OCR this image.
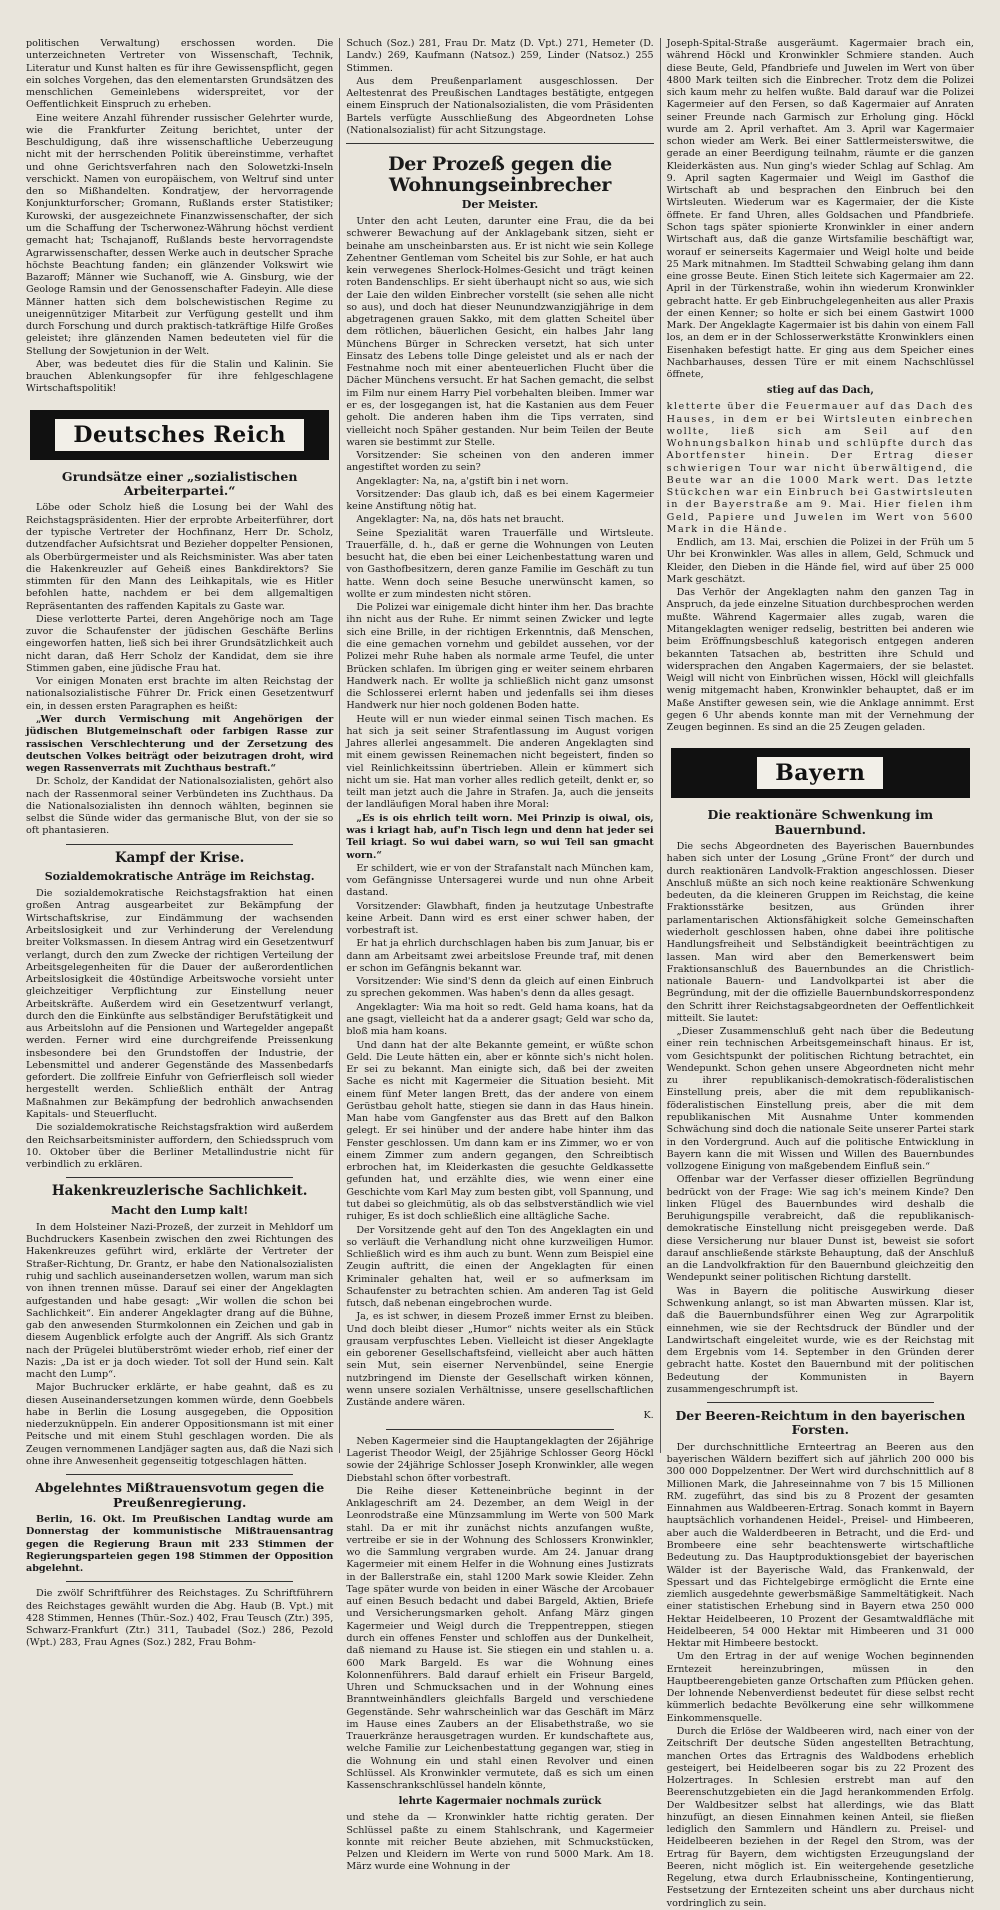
politischen Verwaltung) erschossen worden. Die unterzeichneten Vertreter von Wissenschaft, Technik, Literatur und Kunst halten es für ihre Gewissenspflicht, gegen ein solches Vorgehen, das den elementarsten Grundsätzen des menschlichen Gemeinlebens widerspreitet, vor der Oeffentlichkeit Einspruch zu erheben.

Eine weitere Anzahl führender russischer Gelehrter wurde, wie die Frankfurter Zeitung berichtet, unter der Beschuldigung, daß ihre wissenschaftliche Ueberzeugung nicht mit der herrschenden Politik übereinstimme, verhaftet und ohne Gerichtsverfahren nach den Solowetzki-Inseln verschickt. Namen von europäischem, von Weltruf sind unter den so Mißhandelten. Kondratjew, der hervorragende Konjunkturforscher; Gromann, Rußlands erster Statistiker; Kurowski, der ausgezeichnete Finanzwissenschafter, der sich um die Schaffung der Tscherwonez-Währung höchst verdient gemacht hat; Tschajanoff, Rußlands beste hervorragendste Agrarwissenschafter, dessen Werke auch in deutscher Sprache höchste Beachtung fanden; ein glänzender Volkswirt wie Bazaroff; Männer wie Suchanoff, wie A. Ginsburg, wie der Geologe Ramsin und der Genossenschafter Fadeyin. Alle diese Männer hatten sich dem bolschewistischen Regime zu uneigennütziger Mitarbeit zur Verfügung gestellt und ihm durch Forschung und durch praktisch-tatkräftige Hilfe Großes geleistet; ihre glänzenden Namen bedeuteten viel für die Stellung der Sowjetunion in der Welt.

Aber, was bedeutet dies für die Stalin und Kalinin. Sie brauchen Ablenkungsopfer für ihre fehlgeschlagene Wirtschaftspolitik!

Deutsches Reich
Grundsätze einer „sozialistischen Arbeiterpartei.“

Löbe oder Scholz hieß die Losung bei der Wahl des Reichstagspräsidenten. Hier der erprobte Arbeiterführer, dort der typische Vertreter der Hochfinanz, Herr Dr. Scholz, dutzendfacher Aufsichtsrat und Bezieher doppelter Pensionen, als Oberbürgermeister und als Reichsminister. Was aber taten die Hakenkreuzler auf Geheiß eines Bankdirektors? Sie stimmten für den Mann des Leihkapitals, wie es Hitler befohlen hatte, nachdem er bei dem allgemaltigen Repräsentanten des raffenden Kapitals zu Gaste war.

Diese verlotterte Partei, deren Angehörige noch am Tage zuvor die Schaufenster der jüdischen Geschäfte Berlins eingeworfen hatten, ließ sich bei ihrer Grundsätzlichkeit auch nicht daran, daß Herr Scholz der Kandidat, dem sie ihre Stimmen gaben, eine jüdische Frau hat.

Vor einigen Monaten erst brachte im alten Reichstag der nationalsozialistische Führer Dr. Frick einen Gesetzentwurf ein, in dessen ersten Paragraphen es heißt:

„Wer durch Vermischung mit Angehörigen der jüdischen Blutgemeinschaft oder farbigen Rasse zur rassischen Verschlechterung und der Zersetzung des deutschen Volkes beiträgt oder beizutragen droht, wird wegen Rassenverrats mit Zuchthaus bestraft.“

Dr. Scholz, der Kandidat der Nationalsozialisten, gehört also nach der Rassenmoral seiner Verbündeten ins Zuchthaus. Da die Nationalsozialisten ihn dennoch wählten, beginnen sie selbst die Sünde wider das germanische Blut, von der sie so oft phantasieren.

Kampf der Krise.
Sozialdemokratische Anträge im Reichstag.

Die sozialdemokratische Reichstagsfraktion hat einen großen Antrag ausgearbeitet zur Bekämpfung der Wirtschaftskrise, zur Eindämmung der wachsenden Arbeitslosigkeit und zur Verhinderung der Verelendung breiter Volksmassen. In diesem Antrag wird ein Gesetzentwurf verlangt, durch den zum Zwecke der richtigen Verteilung der Arbeitsgelegenheiten für die Dauer der außerordentlichen Arbeitslosigkeit die 40stündige Arbeitswoche vorsieht unter gleichzeitiger Verpflichtung zur Einstellung neuer Arbeitskräfte. Außerdem wird ein Gesetzentwurf verlangt, durch den die Einkünfte aus selbständiger Berufstätigkeit und aus Arbeitslohn auf die Pensionen und Wartegelder angepaßt werden. Ferner wird eine durchgreifende Preissenkung insbesondere bei den Grundstoffen der Industrie, der Lebensmittel und anderer Gegenstände des Massenbedarfs gefordert. Die zollfreie Einfuhr von Gefrierfleisch soll wieder hergestellt werden. Schließlich enthält der Antrag Maßnahmen zur Bekämpfung der bedrohlich anwachsenden Kapitals- und Steuerflucht.

Die sozialdemokratische Reichstagsfraktion wird außerdem den Reichsarbeitsminister auffordern, den Schiedsspruch vom 10. Oktober über die Berliner Metallindustrie nicht für verbindlich zu erklären.

Hakenkreuzlerische Sachlichkeit.
Macht den Lump kalt!

In dem Holsteiner Nazi-Prozeß, der zurzeit in Mehldorf um Buchdruckers Kasenbein zwischen den zwei Richtungen des Hakenkreuzes geführt wird, erklärte der Vertreter der Straßer-Richtung, Dr. Grantz, er habe den Nationalsozialisten ruhig und sachlich auseinandersetzen wollen, warum man sich von ihnen trennen müsse. Darauf sei einer der Angeklagten aufgestanden und habe gesagt: „Wir wollen die schon bei Sachlichkeit“. Ein anderer Angeklagter drang auf die Bühne, gab den anwesenden Sturmkolonnen ein Zeichen und gab in diesem Augenblick erfolgte auch der Angriff. Als sich Grantz nach der Prügelei blutüberströmt wieder erhob, rief einer der Nazis: „Da ist er ja doch wieder. Tot soll der Hund sein. Kalt macht den Lump“.

Major Buchrucker erklärte, er habe geahnt, daß es zu diesen Auseinandersetzungen kommen würde, denn Goebbels habe in Berlin die Losung ausgegeben, die Opposition niederzuknüppeln. Ein anderer Oppositionsmann ist mit einer Peitsche und mit einem Stuhl geschlagen worden. Die als Zeugen vernommenen Landjäger sagten aus, daß die Nazi sich ohne ihre Anwesenheit gegenseitig totgeschlagen hätten.

Abgelehntes Mißtrauensvotum gegen die Preußenregierung.

Berlin, 16. Okt. Im Preußischen Landtag wurde am Donnerstag der kommunistische Mißtrauensantrag gegen die Regierung Braun mit 233 Stimmen der Regierungsparteien gegen 198 Stimmen der Opposition abgelehnt.

Die zwölf Schriftführer des Reichstages. Zu Schriftführern des Reichstages gewählt wurden die Abg. Haub (B. Vpt.) mit 428 Stimmen, Hennes (Thür.-Soz.) 402, Frau Teusch (Ztr.) 395, Schwarz-Frankfurt (Ztr.) 311, Taubadel (Soz.) 286, Pezold (Wpt.) 283, Frau Agnes (Soz.) 282, Frau Bohm-

Schuch (Soz.) 281, Frau Dr. Matz (D. Vpt.) 271, Hemeter (D. Landv.) 269, Kaufmann (Natsoz.) 259, Linder (Natsoz.) 255 Stimmen.

Aus dem Preußenparlament ausgeschlossen. Der Aeltestenrat des Preußischen Landtages bestätigte, entgegen einem Einspruch der Nationalsozialisten, die vom Präsidenten Bartels verfügte Ausschließung des Abgeordneten Lohse (Nationalsozialist) für acht Sitzungstage.

Der Prozeß gegen die Wohnungseinbrecher
Der Meister.

Unter den acht Leuten, darunter eine Frau, die da bei schwerer Bewachung auf der Anklagebank sitzen, sieht er beinahe am unscheinbarsten aus. Er ist nicht wie sein Kollege Zehentner Gentleman vom Scheitel bis zur Sohle, er hat auch kein verwegenes Sherlock-Holmes-Gesicht und trägt keinen roten Bandenschlips. Er sieht überhaupt nicht so aus, wie sich der Laie den wilden Einbrecher vorstellt (sie sehen alle nicht so aus), und doch hat dieser Neunundzwanzigjährige in dem abgetragenen grauen Sakko, mit dem glatten Scheitel über dem rötlichen, bäuerlichen Gesicht, ein halbes Jahr lang Münchens Bürger in Schrecken versetzt, hat sich unter Einsatz des Lebens tolle Dinge geleistet und als er nach der Festnahme noch mit einer abenteuerlichen Flucht über die Dächer Münchens versucht. Er hat Sachen gemacht, die selbst im Film nur einem Harry Piel vorbehalten bleiben. Immer war er es, der losgegangen ist, hat die Kastanien aus dem Feuer geholt. Die anderen haben ihm die Tips verraten, sind vielleicht noch Späher gestanden. Nur beim Teilen der Beute waren sie bestimmt zur Stelle.

Vorsitzender: Sie scheinen von den anderen immer angestiftet worden zu sein?

Angeklagter: Na, na, a'gstift bin i net worn.

Vorsitzender: Das glaub ich, daß es bei einem Kagermeier keine Anstiftung nötig hat.

Angeklagter: Na, na, dös hats net braucht.

Seine Spezialität waren Trauerfälle und Wirtsleute. Trauerfälle, d. h., daß er gerne die Wohnungen von Leuten besucht hat, die eben bei einer Leichenbestattung waren und von Gasthofbesitzern, deren ganze Familie im Geschäft zu tun hatte. Wenn doch seine Besuche unerwünscht kamen, so wollte er zum mindesten nicht stören.

Die Polizei war einigemale dicht hinter ihm her. Das brachte ihn nicht aus der Ruhe. Er nimmt seinen Zwicker und legte sich eine Brille, in der richtigen Erkenntnis, daß Menschen, die eine gemachen vornehm und gebildet aussehen, vor der Polizei mehr Ruhe haben als normale arme Teufel, die unter Brücken schlafen. Im übrigen ging er weiter seinem ehrbaren Handwerk nach. Er wollte ja schließlich nicht ganz umsonst die Schlosserei erlernt haben und jedenfalls sei ihm dieses Handwerk nur hier noch goldenen Boden hatte.

Heute will er nun wieder einmal seinen Tisch machen. Es hat sich ja seit seiner Strafentlassung im August vorigen Jahres allerlei angesammelt. Die anderen Angeklagten sind mit einem gewissen Reinemachen nicht begeistert, finden so viel Reinlichkeitssinn übertrieben. Allein er kümmert sich nicht um sie. Hat man vorher alles redlich geteilt, denkt er, so teilt man jetzt auch die Jahre in Strafen. Ja, auch die jenseits der landläufigen Moral haben ihre Moral:

„Es is ois ehrlich teilt worn. Mei Prinzip is oiwal, ois, was i kriagt hab, auf'n Tisch legn und denn hat jeder sei Teil kriagt. So wui dabei warn, so wui Teil san gmacht worn.“

Er schildert, wie er von der Strafanstalt nach München kam, vom Gefängnisse Untersagerei wurde und nun ohne Arbeit dastand.

Vorsitzender: Glawbhaft, finden ja heutzutage Unbestrafte keine Arbeit. Dann wird es erst einer schwer haben, der vorbestraft ist.

Er hat ja ehrlich durchschlagen haben bis zum Januar, bis er dann am Arbeitsamt zwei arbeitslose Freunde traf, mit denen er schon im Gefängnis bekannt war.

Vorsitzender: Wie sind'S denn da gleich auf einen Einbruch zu sprechen gekommen. Was haben's denn da alles gesagt.

Angeklagter: Wia ma hoit so redt. Geld hama koans, hat da ane gsagt, vielleicht hat da a anderer gsagt; Geld war scho da, bloß mia ham koans.

Und dann hat der alte Bekannte gemeint, er wüßte schon Geld. Die Leute hätten ein, aber er könnte sich's nicht holen. Er sei zu bekannt. Man einigte sich, daß bei der zweiten Sache es nicht mit Kagermeier die Situation besieht. Mit einem fünf Meter langen Brett, das der andere von einem Gerüstbau geholt hatte, stiegen sie dann in das Haus hinein. Man habe vom Gangfenster aus das Brett auf den Balkon gelegt. Er sei hinüber und der andere habe hinter ihm das Fenster geschlossen. Um dann kam er ins Zimmer, wo er von einem Zimmer zum andern gegangen, den Schreibtisch erbrochen hat, im Kleiderkasten die gesuchte Geldkassette gefunden hat, und erzählte dies, wie wenn einer eine Geschichte vom Karl May zum besten gibt, voll Spannung, und tut dabei so gleichmütig, als ob das selbstverständlich wie viel ruhiger, Es ist doch schließlich eine alltägliche Sache.

Der Vorsitzende geht auf den Ton des Angeklagten ein und so verläuft die Verhandlung nicht ohne kurzweiligen Humor. Schließlich wird es ihm auch zu bunt. Wenn zum Beispiel eine Zeugin auftritt, die einen der Angeklagten für einen Kriminaler gehalten hat, weil er so aufmerksam im Schaufenster zu betrachten schien. Am anderen Tag ist Geld futsch, daß nebenan eingebrochen wurde.

Ja, es ist schwer, in diesem Prozeß immer Ernst zu bleiben. Und doch bleibt dieser „Humor“ nichts weiter als ein Stück grausam verpfuschtes Leben. Vielleicht ist dieser Angeklagte ein geborener Gesellschaftsfeind, vielleicht aber auch hätten sein Mut, sein eiserner Nervenbündel, seine Energie nutzbringend im Dienste der Gesellschaft wirken können, wenn unsere sozialen Verhältnisse, unsere gesellschaftlichen Zustände andere wären.

K.

Neben Kagermeier sind die Hauptangeklagten der 26jährige Lagerist Theodor Weigl, der 25jährige Schlosser Georg Höckl sowie der 24jährige Schlosser Joseph Kronwinkler, alle wegen Diebstahl schon öfter vorbestraft.

Die Reihe dieser Ketteneinbrüche beginnt in der Anklageschrift am 24. Dezember, an dem Weigl in der Leonrodstraße eine Münzsammlung im Werte von 500 Mark stahl. Da er mit ihr zunächst nichts anzufangen wußte, vertreibe er sie in der Wohnung des Schlossers Kronwinkler, wo die Sammlung vergraben wurde. Am 24. Januar drang Kagermeier mit einem Helfer in die Wohnung eines Justizrats in der Ballerstraße ein, stahl 1200 Mark sowie Kleider. Zehn Tage später wurde von beiden in einer Wäsche der Arcobauer auf einen Besuch bedacht und dabei Bargeld, Aktien, Briefe und Versicherungsmarken geholt. Anfang März gingen Kagermeier und Weigl durch die Treppentreppen, stiegen durch ein offenes Fenster und schloffen aus der Dunkelheit, daß niemand zu Hause ist. Sie stiegen ein und stahlen u. a. 600 Mark Bargeld. Es war die Wohnung eines Kolonnenführers. Bald darauf erhielt ein Friseur Bargeld, Uhren und Schmucksachen und in der Wohnung eines Branntweinhändlers gleichfalls Bargeld und verschiedene Gegenstände. Sehr wahrscheinlich war das Geschäft im März im Hause eines Zaubers an der Elisabethstraße, wo sie Trauerkränze herausgetragen wurden. Er kundschaftete aus, welche Familie zur Leichenbestattung gegangen war, stieg in die Wohnung ein und stahl einen Revolver und einen Schlüssel. Als Kronwinkler vermutete, daß es sich um einen Kassenschrankschlüssel handeln könnte,

lehrte Kagermaier nochmals zurück

und stehe da — Kronwinkler hatte richtig geraten. Der Schlüssel paßte zu einem Stahlschrank, und Kagermeier konnte mit reicher Beute abziehen, mit Schmuckstücken, Pelzen und Kleidern im Werte von rund 5000 Mark. Am 18. März wurde eine Wohnung in der

Joseph-Spital-Straße ausgeräumt. Kagermaier brach ein, während Höckl und Kronwinkler Schmiere standen. Auch diese Beute, Geld, Pfandbriefe und Juwelen im Wert von über 4800 Mark teilten sich die Einbrecher. Trotz dem die Polizei sich kaum mehr zu helfen wußte. Bald darauf war die Polizei Kagermeier auf den Fersen, so daß Kagermaier auf Anraten seiner Freunde nach Garmisch zur Erholung ging. Höckl wurde am 2. April verhaftet. Am 3. April war Kagermaier schon wieder am Werk. Bei einer Sattlermeisterswitwe, die gerade an einer Beerdigung teilnahm, räumte er die ganzen Kleiderkästen aus. Nun ging's wieder Schlag auf Schlag. Am 9. April sagten Kagermaier und Weigl im Gasthof die Wirtschaft ab und besprachen den Einbruch bei den Wirtsleuten. Wiederum war es Kagermaier, der die Kiste öffnete. Er fand Uhren, alles Goldsachen und Pfandbriefe. Schon tags später spionierte Kronwinkler in einer andern Wirtschaft aus, daß die ganze Wirtsfamilie beschäftigt war, worauf er seinerseits Kagermaier und Weigl holte und beide 25 Mark mitnahmen. Im Stadtteil Schwabing gelang ihm dann eine grosse Beute. Einen Stich leitete sich Kagermaier am 22. April in der Türkenstraße, wohin ihn wiederum Kronwinkler gebracht hatte. Er geb Einbruchgelegenheiten aus aller Praxis der einen Kenner; so holte er sich bei einem Gastwirt 1000 Mark. Der Angeklagte Kagermaier ist bis dahin von einem Fall los, an dem er in der Schlosserwerkstätte Kronwinklers einen Eisenhaken befestigt hatte. Er ging aus dem Speicher eines Nachbarhauses, dessen Türe er mit einem Nachschlüssel öffnete,

stieg auf das Dach,

kletterte über die Feuermauer auf das Dach des Hauses, in dem er bei Wirtsleuten einbrechen wollte, ließ sich am Seil auf den Wohnungsbalkon hinab und schlüpfte durch das Abortfenster hinein. Der Ertrag dieser schwierigen Tour war nicht überwältigend, die Beute war an die 1000 Mark wert. Das letzte Stückchen war ein Einbruch bei Gastwirtsleuten in der Bayerstraße am 9. Mai. Hier fielen ihm Geld, Papiere und Juwelen im Wert von 5600 Mark in die Hände.

Endlich, am 13. Mai, erschien die Polizei in der Früh um 5 Uhr bei Kronwinkler. Was alles in allem, Geld, Schmuck und Kleider, den Dieben in die Hände fiel, wird auf über 25 000 Mark geschätzt.

Das Verhör der Angeklagten nahm den ganzen Tag in Anspruch, da jede einzelne Situation durchbesprochen werden mußte. Während Kagermaier alles zugab, waren die Mitangeklagten weniger redselig, bestritten bei anderen wie beim Eröffnungsbeschluß kategorisch entgegen anderen bekannten Tatsachen ab, bestritten ihre Schuld und widersprachen den Angaben Kagermaiers, der sie belastet. Weigl will nicht von Einbrüchen wissen, Höckl will gleichfalls wenig mitgemacht haben, Kronwinkler behauptet, daß er im Maße Anstifter gewesen sein, wie die Anklage annimmt. Erst gegen 6 Uhr abends konnte man mit der Vernehmung der Zeugen beginnen. Es sind an die 25 Zeugen geladen.

Bayern
Die reaktionäre Schwenkung im Bauernbund.

Die sechs Abgeordneten des Bayerischen Bauernbundes haben sich unter der Losung „Grüne Front“ der durch und durch reaktionären Landvolk-Fraktion angeschlossen. Dieser Anschluß müßte an sich noch keine reaktionäre Schwenkung bedeuten, da die kleineren Gruppen im Reichstag, die keine Fraktionsstärke besitzen, aus Gründen ihrer parlamentarischen Aktionsfähigkeit solche Gemeinschaften wiederholt geschlossen haben, ohne dabei ihre politische Handlungsfreiheit und Selbständigkeit beeinträchtigen zu lassen. Man wird aber den Bemerkenswert beim Fraktionsanschluß des Bauernbundes an die Christlich-nationale Bauern- und Landvolkpartei ist aber die Begründung, mit der die offizielle Bauernbundskorrespondenz den Schritt ihrer Reichstagsabgeordneten der Oeffentlichkeit mitteilt. Sie lautet:

„Dieser Zusammenschluß geht nach über die Bedeutung einer rein technischen Arbeitsgemeinschaft hinaus. Er ist, vom Gesichtspunkt der politischen Richtung betrachtet, ein Wendepunkt. Schon gehen unsere Abgeordneten nicht mehr zu ihrer republikanisch-demokratisch-föderalistischen Einstellung preis, aber die mit dem republikanisch-föderalistischen Einstellung preis, aber die mit dem republikanischen Mit Ausnahme Unter kommenden Schwächung sind doch die nationale Seite unserer Partei stark in den Vordergrund. Auch auf die politische Entwicklung in Bayern kann die mit Wissen und Willen des Bauernbundes vollzogene Einigung von maßgebendem Einfluß sein.“

Offenbar war der Verfasser dieser offiziellen Begründung bedrückt von der Frage: Wie sag ich's meinem Kinde? Den linken Flügel des Bauernbundes wird deshalb die Beruhigungspille verabreicht, daß die republikanisch-demokratische Einstellung nicht preisgegeben werde. Daß diese Versicherung nur blauer Dunst ist, beweist sie sofort darauf anschließende stärkste Behauptung, daß der Anschluß an die Landvolkfraktion für den Bauernbund gleichzeitig den Wendepunkt seiner politischen Richtung darstellt.

Was in Bayern die politische Auswirkung dieser Schwenkung anlangt, so ist man Abwarten müssen. Klar ist, daß die Bauernbundsführer einen Weg zur Agrarpolitik einnehmen, wie sie der Rechtsdruck der Bündler und der Landwirtschaft eingeleitet wurde, wie es der Reichstag mit dem Ergebnis vom 14. September in den Gründen derer gebracht hatte. Kostet den Bauernbund mit der politischen Bedeutung der Kommunisten in Bayern zusammengeschrumpft ist.

Der Beeren-Reichtum in den bayerischen Forsten.

Der durchschnittliche Ernteertrag an Beeren aus den bayerischen Wäldern beziffert sich auf jährlich 200 000 bis 300 000 Doppelzentner. Der Wert wird durchschnittlich auf 8 Millionen Mark, die Jahreseinnahme von 7 bis 15 Millionen RM. zugeführt, das sind bis zu 8 Prozent der gesamten Einnahmen aus Waldbeeren-Ertrag. Sonach kommt in Bayern hauptsächlich vorhandenen Heidel-, Preisel- und Himbeeren, aber auch die Walderdbeeren in Betracht, und die Erd- und Brombeere eine sehr beachtenswerte wirtschaftliche Bedeutung zu. Das Hauptproduktionsgebiet der bayerischen Wälder ist der Bayerische Wald, das Frankenwald, der Spessart und das Fichtelgebirge ermöglicht die Ernte eine ziemlich ausgedehnte gewerbsmäßige Sammeltätigkeit. Nach einer statistischen Erhebung sind in Bayern etwa 250 000 Hektar Heidelbeeren, 10 Prozent der Gesamtwaldfläche mit Heidelbeeren, 54 000 Hektar mit Himbeeren und 31 000 Hektar mit Himbeere bestockt.

Um den Ertrag in der auf wenige Wochen beginnenden Erntezeit hereinzubringen, müssen in den Hauptbeerengebieten ganze Ortschaften zum Pflücken gehen. Der lohnende Nebenverdienst bedeutet für diese selbst recht kümmerlich bedachte Bevölkerung eine sehr willkommene Einkommensquelle.

Durch die Erlöse der Waldbeeren wird, nach einer von der Zeitschrift Der deutsche Süden angestellten Betrachtung, manchen Ortes das Ertragnis des Waldbodens erheblich gesteigert, bei Heidelbeeren sogar bis zu 22 Prozent des Holzertrages. In Schlesien erstrebt man auf den Beerenschutzgebieten ein die Jagd herankommenden Erfolg. Der Waldbesitzer selbst hat allerdings, wie das Blatt hinzufügt, an diesen Einnahmen keinen Anteil, sie fließen lediglich den Sammlern und Händlern zu. Preisel- und Heidelbeeren beziehen in der Regel den Strom, was der Ertrag für Bayern, dem wichtigsten Erzeugungsland der Beeren, nicht möglich ist. Ein weitergehende gesetzliche Regelung, etwa durch Erlaubnisscheine, Kontingentierung, Festsetzung der Erntezeiten scheint uns aber durchaus nicht vordringlich zu sein.
